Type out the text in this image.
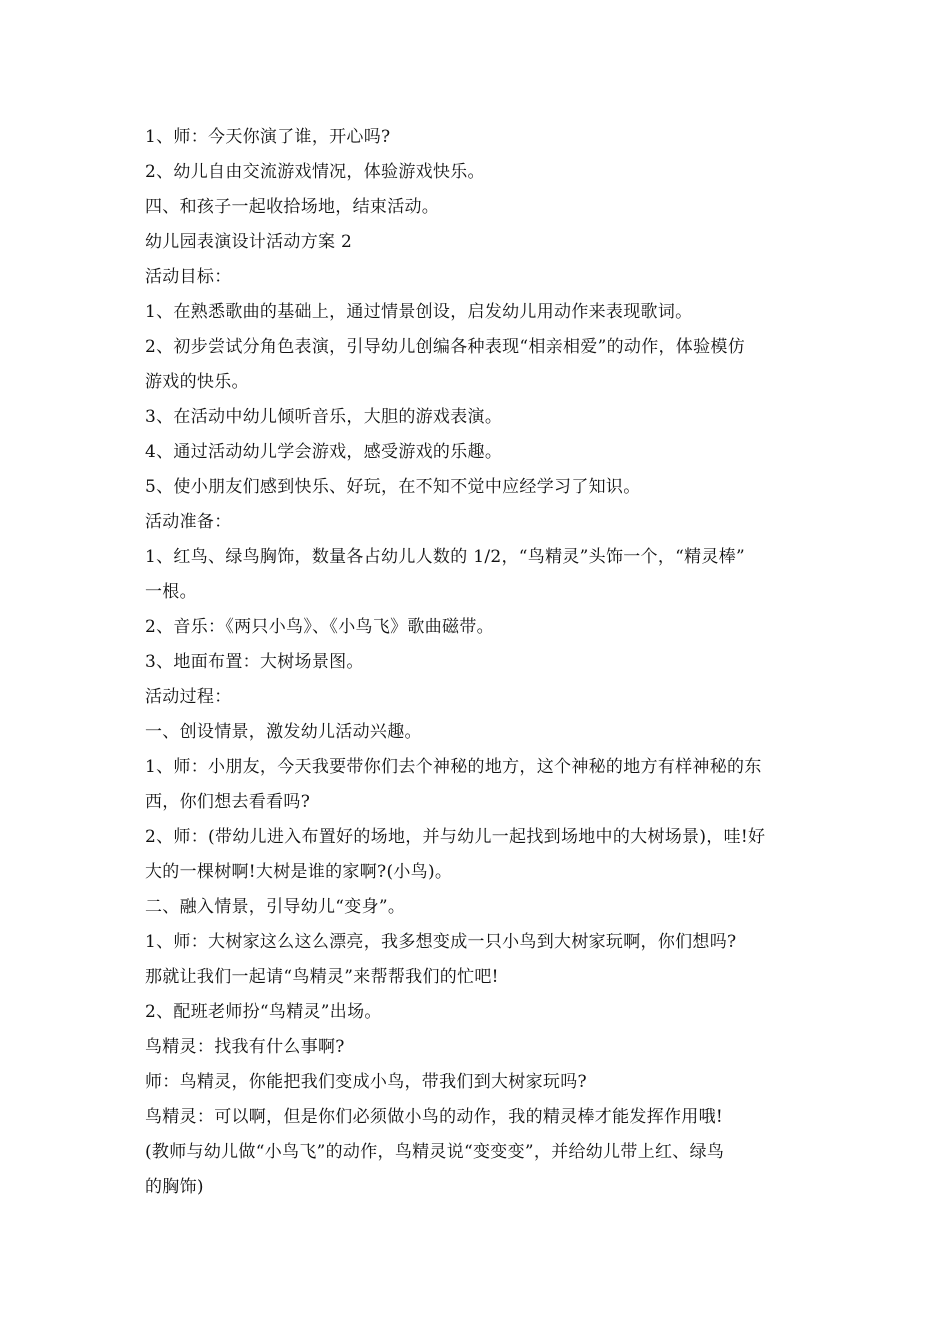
1、师：今天你演了谁，开心吗?
2、幼儿自由交流游戏情况，体验游戏快乐。
四、和孩子一起收拾场地，结束活动。
幼儿园表演设计活动方案 2
活动目标：
1、在熟悉歌曲的基础上，通过情景创设，启发幼儿用动作来表现歌词。
2、初步尝试分角色表演，引导幼儿创编各种表现“相亲相爱”的动作，体验模仿
游戏的快乐。
3、在活动中幼儿倾听音乐，大胆的游戏表演。
4、通过活动幼儿学会游戏，感受游戏的乐趣。
5、使小朋友们感到快乐、好玩，在不知不觉中应经学习了知识。
活动准备：
1、红鸟、绿鸟胸饰，数量各占幼儿人数的 1/2，“鸟精灵”头饰一个，“精灵棒”
一根。
2、音乐：《两只小鸟》、《小鸟飞》歌曲磁带。
3、地面布置：大树场景图。
活动过程：
一、创设情景，激发幼儿活动兴趣。
1、师：小朋友，今天我要带你们去个神秘的地方，这个神秘的地方有样神秘的东
西，你们想去看看吗?
2、师：(带幼儿进入布置好的场地，并与幼儿一起找到场地中的大树场景)，哇!好
大的一棵树啊!大树是谁的家啊?(小鸟)。
二、融入情景，引导幼儿“变身”。
1、师：大树家这么这么漂亮，我多想变成一只小鸟到大树家玩啊，你们想吗?
那就让我们一起请“鸟精灵”来帮帮我们的忙吧!
2、配班老师扮“鸟精灵”出场。
鸟精灵：找我有什么事啊?
师：鸟精灵，你能把我们变成小鸟，带我们到大树家玩吗?
鸟精灵：可以啊，但是你们必须做小鸟的动作，我的精灵棒才能发挥作用哦!
(教师与幼儿做“小鸟飞”的动作，鸟精灵说“变变变”，并给幼儿带上红、绿鸟
的胸饰)
